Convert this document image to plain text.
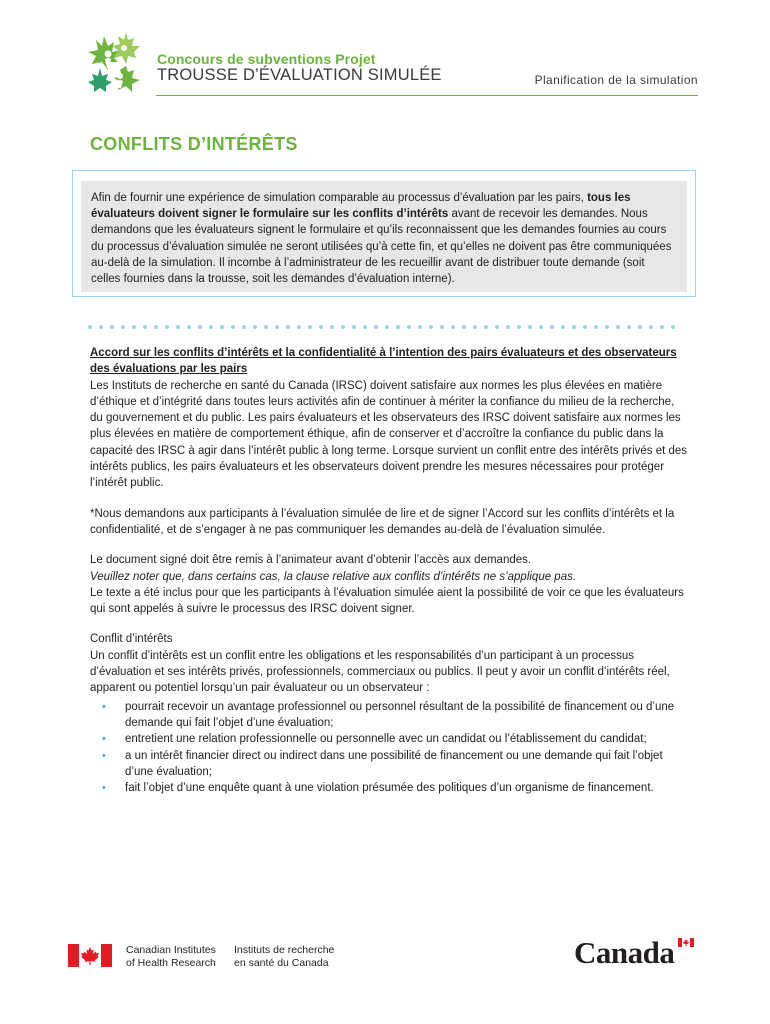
Concours de subventions Projet
TROUSSE D’ÉVALUATION SIMULÉE	Planification de la simulation
CONFLITS D’INTÉRÊTS
Afin de fournir une expérience de simulation comparable au processus d’évaluation par les pairs, tous les évaluateurs doivent signer le formulaire sur les conflits d’intérêts avant de recevoir les demandes. Nous demandons que les évaluateurs signent le formulaire et qu’ils reconnaissent que les demandes fournies au cours du processus d’évaluation simulée ne seront utilisées qu’à cette fin, et qu’elles ne doivent pas être communiquées au-delà de la simulation. Il incombe à l’administrateur de les recueillir avant de distribuer toute demande (soit celles fournies dans la trousse, soit les demandes d’évaluation interne).

Accord sur les conflits d’intérêts et la confidentialité à l’intention des pairs évaluateurs et des observateurs des évaluations par les pairs

Les Instituts de recherche en santé du Canada (IRSC) doivent satisfaire aux normes les plus élevées en matière d’éthique et d’intégrité dans toutes leurs activités afin de continuer à mériter la confiance du milieu de la recherche, du gouvernement et du public. Les pairs évaluateurs et les observateurs des IRSC doivent satisfaire aux normes les plus élevées en matière de comportement éthique, afin de conserver et d’accroître la confiance du public dans la capacité des IRSC à agir dans l’intérêt public à long terme. Lorsque survient un conflit entre des intérêts privés et des intérêts publics, les pairs évaluateurs et les observateurs doivent prendre les mesures nécessaires pour protéger l’intérêt public.

*Nous demandons aux participants à l’évaluation simulée de lire et de signer l’Accord sur les conflits d’intérêts et la confidentialité, et de s’engager à ne pas communiquer les demandes au-delà de l’évaluation simulée.

Le document signé doit être remis à l’animateur avant d’obtenir l’accès aux demandes.

Veuillez noter que, dans certains cas, la clause relative aux conflits d’intérêts ne s’applique pas.

Le texte a été inclus pour que les participants à l’évaluation simulée aient la possibilité de voir ce que les évaluateurs qui sont appelés à suivre le processus des IRSC doivent signer.

Conflit d’intérêts

Un conflit d’intérêts est un conflit entre les obligations et les responsabilités d’un participant à un processus d’évaluation et ses intérêts privés, professionnels, commerciaux ou publics. Il peut y avoir un conflit d’intérêts réel, apparent ou potentiel lorsqu’un pair évaluateur ou un observateur :

• pourrait recevoir un avantage professionnel ou personnel résultant de la possibilité de financement ou d’une demande qui fait l’objet d’une évaluation;
• entretient une relation professionnelle ou personnelle avec un candidat ou l’établissement du candidat;
• a un intérêt financier direct ou indirect dans une possibilité de financement ou une demande qui fait l’objet d’une évaluation;
• fait l’objet d’une enquête quant à une violation présumée des politiques d’un organisme de financement.
Canadian Institutes
of Health Research
Instituts de recherche
en santé du Canada	Canada
